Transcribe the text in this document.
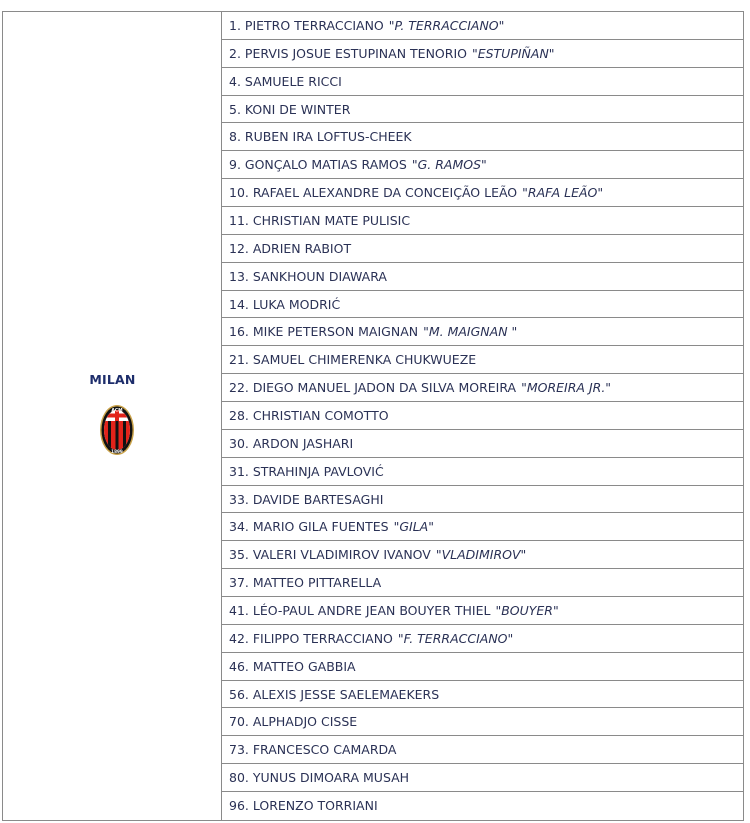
MILAN
ACM
1899
1. PIETRO TERRACCIANO "P. TERRACCIANO"
2. PERVIS JOSUE ESTUPINAN TENORIO "ESTUPIÑAN"
4. SAMUELE RICCI
5. KONI DE WINTER
8. RUBEN IRA LOFTUS-CHEEK
9. GONÇALO MATIAS RAMOS "G. RAMOS"
10. RAFAEL ALEXANDRE DA CONCEIÇÃO LEÃO "RAFA LEÃO"
11. CHRISTIAN MATE PULISIC
12. ADRIEN RABIOT
13. SANKHOUN DIAWARA
14. LUKA MODRIĆ
16. MIKE PETERSON MAIGNAN "M. MAIGNAN "
21. SAMUEL CHIMERENKA CHUKWUEZE
22. DIEGO MANUEL JADON DA SILVA MOREIRA "MOREIRA JR."
28. CHRISTIAN COMOTTO
30. ARDON JASHARI
31. STRAHINJA PAVLOVIĆ
33. DAVIDE BARTESAGHI
34. MARIO GILA FUENTES "GILA"
35. VALERI VLADIMIROV IVANOV "VLADIMIROV"
37. MATTEO PITTARELLA
41. LÉO-PAUL ANDRE JEAN BOUYER THIEL "BOUYER"
42. FILIPPO TERRACCIANO "F. TERRACCIANO"
46. MATTEO GABBIA
56. ALEXIS JESSE SAELEMAEKERS
70. ALPHADJO CISSE
73. FRANCESCO CAMARDA
80. YUNUS DIMOARA MUSAH
96. LORENZO TORRIANI
